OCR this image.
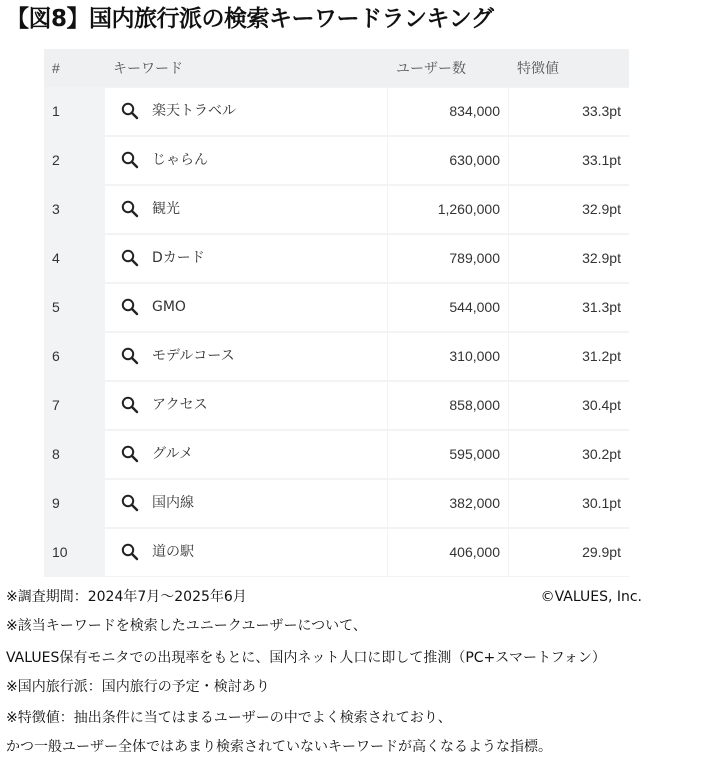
【図8】国内旅行派の検索キーワードランキング
#	キーワード	ユーザー数	特徴値
1	楽天トラベル	834,000	33.3pt
2	じゃらん	630,000	33.1pt
3	観光	1,260,000	32.9pt
4	Dカード	789,000	32.9pt
5	GMO	544,000	31.3pt
6	モデルコース	310,000	31.2pt
7	アクセス	858,000	30.4pt
8	グルメ	595,000	30.2pt
9	国内線	382,000	30.1pt
10	道の駅	406,000	29.9pt
※調査期間：2024年7月～2025年6月	©VALUES, Inc.
※該当キーワードを検索したユニークユーザーについて、
VALUES保有モニタでの出現率をもとに、国内ネット人口に即して推測（PC+スマートフォン）
※国内旅行派：国内旅行の予定・検討あり
※特徴値：抽出条件に当てはまるユーザーの中でよく検索されており、
かつ一般ユーザー全体ではあまり検索されていないキーワードが高くなるような指標。
